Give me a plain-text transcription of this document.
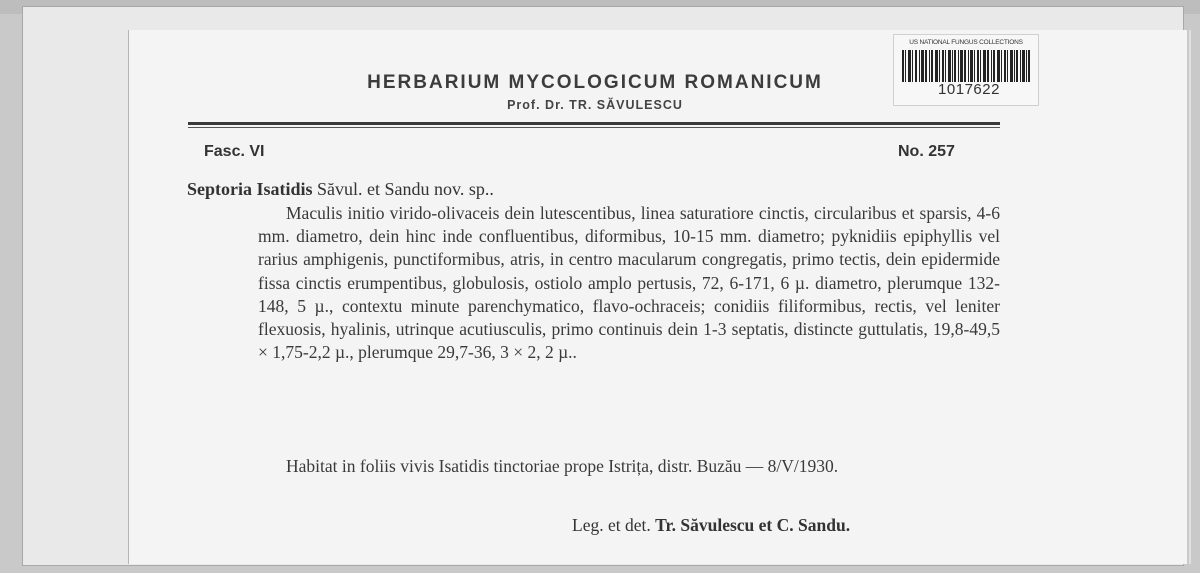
HERBARIUM MYCOLOGICUM ROMANICUM
Prof. Dr. TR. SĂVULESCU
US NATIONAL FUNGUS COLLECTIONS
1017622
Fasc. VI	No. 257
Septoria Isatidis Săvul. et Sandu nov. sp..
Maculis initio virido-olivaceis dein lutescentibus, linea saturatiore cinctis, circularibus et sparsis, 4-6 mm. diametro, dein hinc inde confluentibus, diformibus, 10-15 mm. diametro; pyknidiis epiphyllis vel rarius amphigenis, punctiformibus, atris, in centro macularum congregatis, primo tectis, dein epidermide fissa cinctis erumpentibus, globulosis, ostiolo amplo pertusis, 72, 6-171, 6 µ. diametro, plerumque 132-148, 5 µ., contextu minute parenchymatico, flavo-ochraceis; conidiis filiformibus, rectis, vel leniter flexuosis, hyalinis, utrinque acutiusculis, primo continuis dein 1-3 septatis, distincte guttulatis, 19,8-49,5 × 1,75-2,2 µ., plerumque 29,7-36, 3 × 2, 2 µ..
Habitat in foliis vivis Isatidis tinctoriae prope Istrița, distr. Buzău — 8/V/1930.
Leg. et det. Tr. Săvulescu et C. Sandu.
